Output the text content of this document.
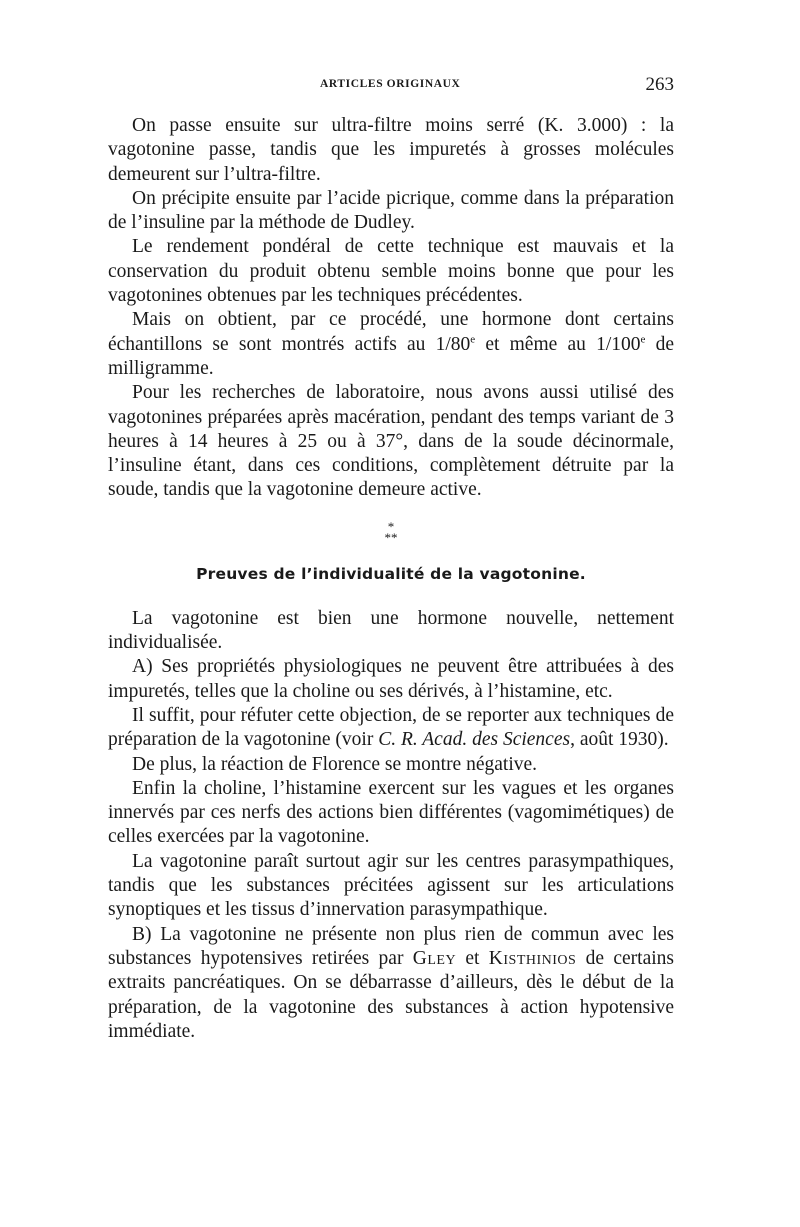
ARTICLES ORIGINAUX	263

On passe ensuite sur ultra-filtre moins serré (K. 3.000) : la vagotonine passe, tandis que les impuretés à grosses molécules demeurent sur l’ultra-filtre.

On précipite ensuite par l’acide picrique, comme dans la préparation de l’insuline par la méthode de Dudley.

Le rendement pondéral de cette technique est mauvais et la conservation du produit obtenu semble moins bonne que pour les vagotonines obtenues par les techniques précédentes.

Mais on obtient, par ce procédé, une hormone dont certains échantillons se sont montrés actifs au 1/80e et même au 1/100e de milligramme.

Pour les recherches de laboratoire, nous avons aussi utilisé des vagotonines préparées après macération, pendant des temps variant de 3 heures à 14 heures à 25 ou à 37°, dans de la soude décinormale, l’insuline étant, dans ces conditions, complètement détruite par la soude, tandis que la vagotonine demeure active.

*
**
Preuves de l’individualité de la vagotonine.

La vagotonine est bien une hormone nouvelle, nettement individualisée.

A) Ses propriétés physiologiques ne peuvent être attribuées à des impuretés, telles que la choline ou ses dérivés, à l’histamine, etc.

Il suffit, pour réfuter cette objection, de se reporter aux techniques de préparation de la vagotonine (voir C. R. Acad. des Sciences, août 1930).

De plus, la réaction de Florence se montre négative.

Enfin la choline, l’histamine exercent sur les vagues et les organes innervés par ces nerfs des actions bien différentes (vagomimétiques) de celles exercées par la vagotonine.

La vagotonine paraît surtout agir sur les centres parasympathiques, tandis que les substances précitées agissent sur les articulations synoptiques et les tissus d’innervation parasympathique.

B) La vagotonine ne présente non plus rien de commun avec les substances hypotensives retirées par Gley et Kisthinios de certains extraits pancréatiques. On se débarrasse d’ailleurs, dès le début de la préparation, de la vagotonine des substances à action hypotensive immédiate.
